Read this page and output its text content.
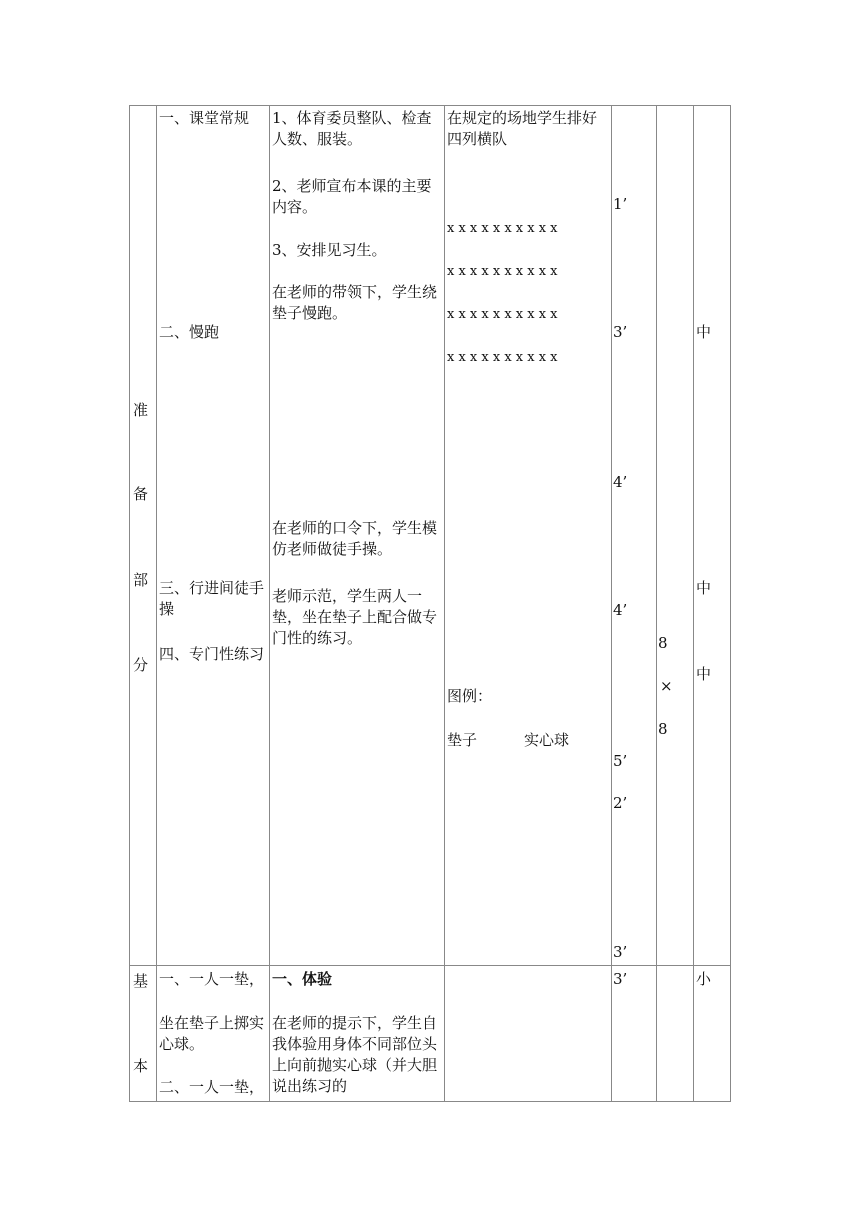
准
备
部
分
一、课堂常规
二、慢跑
三、行进间徒手操
四、专门性练习
1、体育委员整队、检查人数、服装。
2、老师宣布本课的主要内容。
3、安排见习生。
在老师的带领下，学生绕垫子慢跑。
在老师的口令下，学生模仿老师做徒手操。
老师示范，学生两人一垫，坐在垫子上配合做专门性的练习。
在规定的场地学生排好四列横队
x x x x x x x x x x
x x x x x x x x x x
x x x x x x x x x x
x x x x x x x x x x
图例：
垫子	实心球
1’
3’
4’
4’
5’
2’
3’
8
×
8
中
中
中
基
本
一、一人一垫，
坐在垫子上掷实心球。
二、一人一垫，
一、体验
在老师的提示下，学生自我体验用身体不同部位头上向前抛实心球（并大胆说出练习的
3’	小
